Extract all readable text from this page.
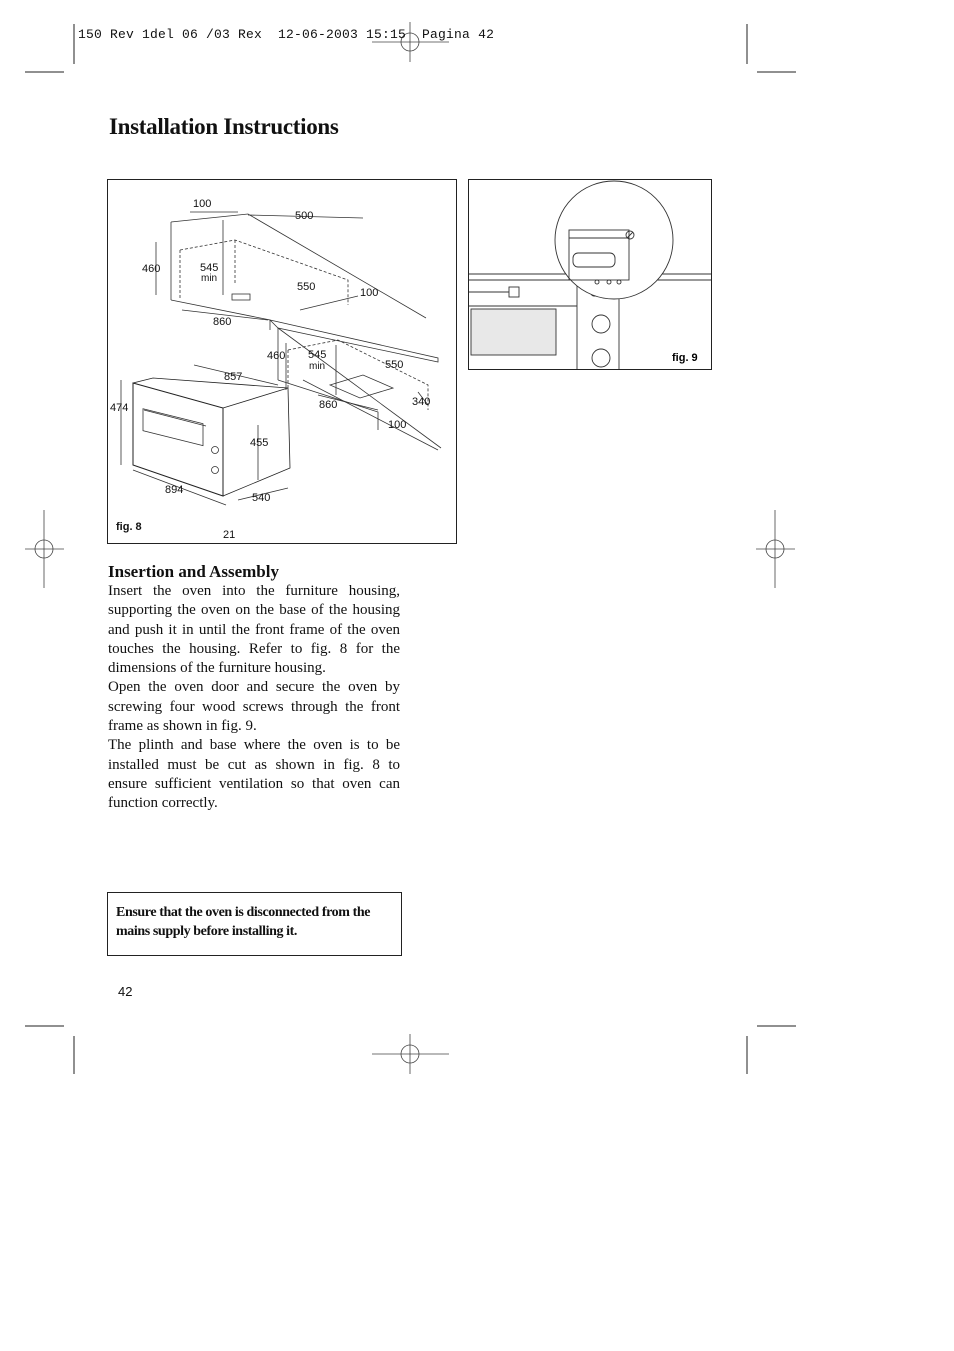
150 Rev 1del 06 /03 Rex  12-06-2003 15:15  Pagina 42
Installation Instructions
100
500
460	545
min
550	100
860
460 545
min	550
857
474	860	340
100
455
894
540
21
fig. 8
fig. 9
Insertion and Assembly

Insert the oven into the furniture housing, supporting the oven on the base of the housing and push it in until the front frame of the oven touches the housing. Refer to fig. 8 for the dimensions of the furniture housing.

Open the oven door and secure the oven by screwing four wood screws through the front frame as shown in fig. 9.

The plinth and base where the oven is to be installed must be cut as shown in fig. 8 to ensure sufficient ventilation so that oven can function correctly.

Ensure that the oven is disconnected from the mains supply before installing it.
42
